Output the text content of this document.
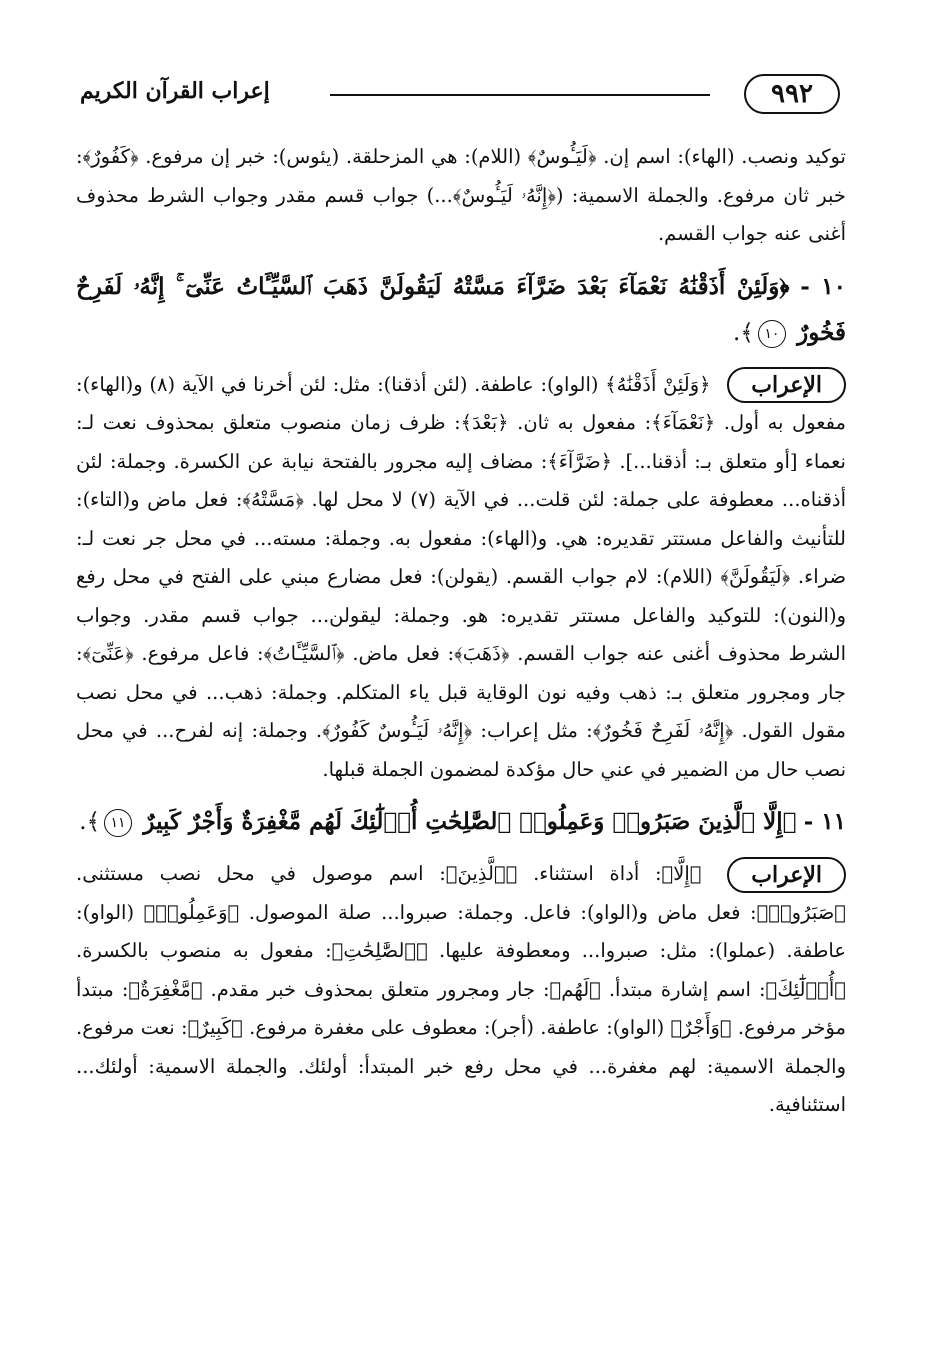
٩٩٢
إعراب القرآن الكريم

توكيد ونصب. (الهاء): اسم إن. ﴿لَيَـُٔوسٌ﴾ (اللام): هي المزحلقة. (يئوس): خبر إن مرفوع. ﴿كَفُورٌ﴾: خبر ثان مرفوع. والجملة الاسمية: (﴿إِنَّهُۥ لَيَـُٔوسٌ﴾...) جواب قسم مقدر وجواب الشرط محذوف أغنى عنه جواب القسم.

١٠ - ﴿وَلَئِنْ أَذَقْنَٰهُ نَعْمَآءَ بَعْدَ ضَرَّآءَ مَسَّتْهُ لَيَقُولَنَّ ذَهَبَ ٱلسَّيِّـَٔاتُ عَنِّىٓ ۚ إِنَّهُۥ لَفَرِحٌ فَخُورٌ ١٠﴾.

الإعراب ﴿وَلَئِنْ أَذَقْنَٰهُ﴾ (الواو): عاطفة. (لئن أذقنا): مثل: لئن أخرنا في الآية (٨) و(الهاء): مفعول به أول. ﴿نَعْمَآءَ﴾: مفعول به ثان. ﴿بَعْدَ﴾: ظرف زمان منصوب متعلق بمحذوف نعت لـ: نعماء [أو متعلق بـ: أذقنا...]. ﴿ضَرَّآءَ﴾: مضاف إليه مجرور بالفتحة نيابة عن الكسرة. وجملة: لئن أذقناه... معطوفة على جملة: لئن قلت... في الآية (٧) لا محل لها. ﴿مَسَّتْهُ﴾: فعل ماض و(التاء): للتأنيث والفاعل مستتر تقديره: هي. و(الهاء): مفعول به. وجملة: مسته... في محل جر نعت لـ: ضراء. ﴿لَيَقُولَنَّ﴾ (اللام): لام جواب القسم. (يقولن): فعل مضارع مبني على الفتح في محل رفع و(النون): للتوكيد والفاعل مستتر تقديره: هو. وجملة: ليقولن... جواب قسم مقدر. وجواب الشرط محذوف أغنى عنه جواب القسم. ﴿ذَهَبَ﴾: فعل ماض. ﴿ٱلسَّيِّـَٔاتُ﴾: فاعل مرفوع. ﴿عَنِّىٓ﴾: جار ومجرور متعلق بـ: ذهب وفيه نون الوقاية قبل ياء المتكلم. وجملة: ذهب... في محل نصب مقول القول. ﴿إِنَّهُۥ لَفَرِحٌ فَخُورٌ﴾: مثل إعراب: ﴿إِنَّهُۥ لَيَـُٔوسٌ كَفُورٌ﴾. وجملة: إنه لفرح... في محل نصب حال من الضمير في عني حال مؤكدة لمضمون الجملة قبلها.

١١ - ﴿إِلَّا ٱلَّذِينَ صَبَرُوا۟ وَعَمِلُوا۟ ٱلصَّٰلِحَٰتِ أُو۟لَٰٓئِكَ لَهُم مَّغْفِرَةٌ وَأَجْرٌ كَبِيرٌ ١١﴾.

الإعراب ﴿إِلَّا﴾: أداة استثناء. ﴿ٱلَّذِينَ﴾: اسم موصول في محل نصب مستثنى. ﴿صَبَرُوا۟﴾: فعل ماض و(الواو): فاعل. وجملة: صبروا... صلة الموصول. ﴿وَعَمِلُوا۟﴾ (الواو): عاطفة. (عملوا): مثل: صبروا... ومعطوفة عليها. ﴿ٱلصَّٰلِحَٰتِ﴾: مفعول به منصوب بالكسرة. ﴿أُو۟لَٰٓئِكَ﴾: اسم إشارة مبتدأ. ﴿لَهُم﴾: جار ومجرور متعلق بمحذوف خبر مقدم. ﴿مَّغْفِرَةٌ﴾: مبتدأ مؤخر مرفوع. ﴿وَأَجْرٌ﴾ (الواو): عاطفة. (أجر): معطوف على مغفرة مرفوع. ﴿كَبِيرٌ﴾: نعت مرفوع. والجملة الاسمية: لهم مغفرة... في محل رفع خبر المبتدأ: أولئك. والجملة الاسمية: أولئك... استئنافية.
